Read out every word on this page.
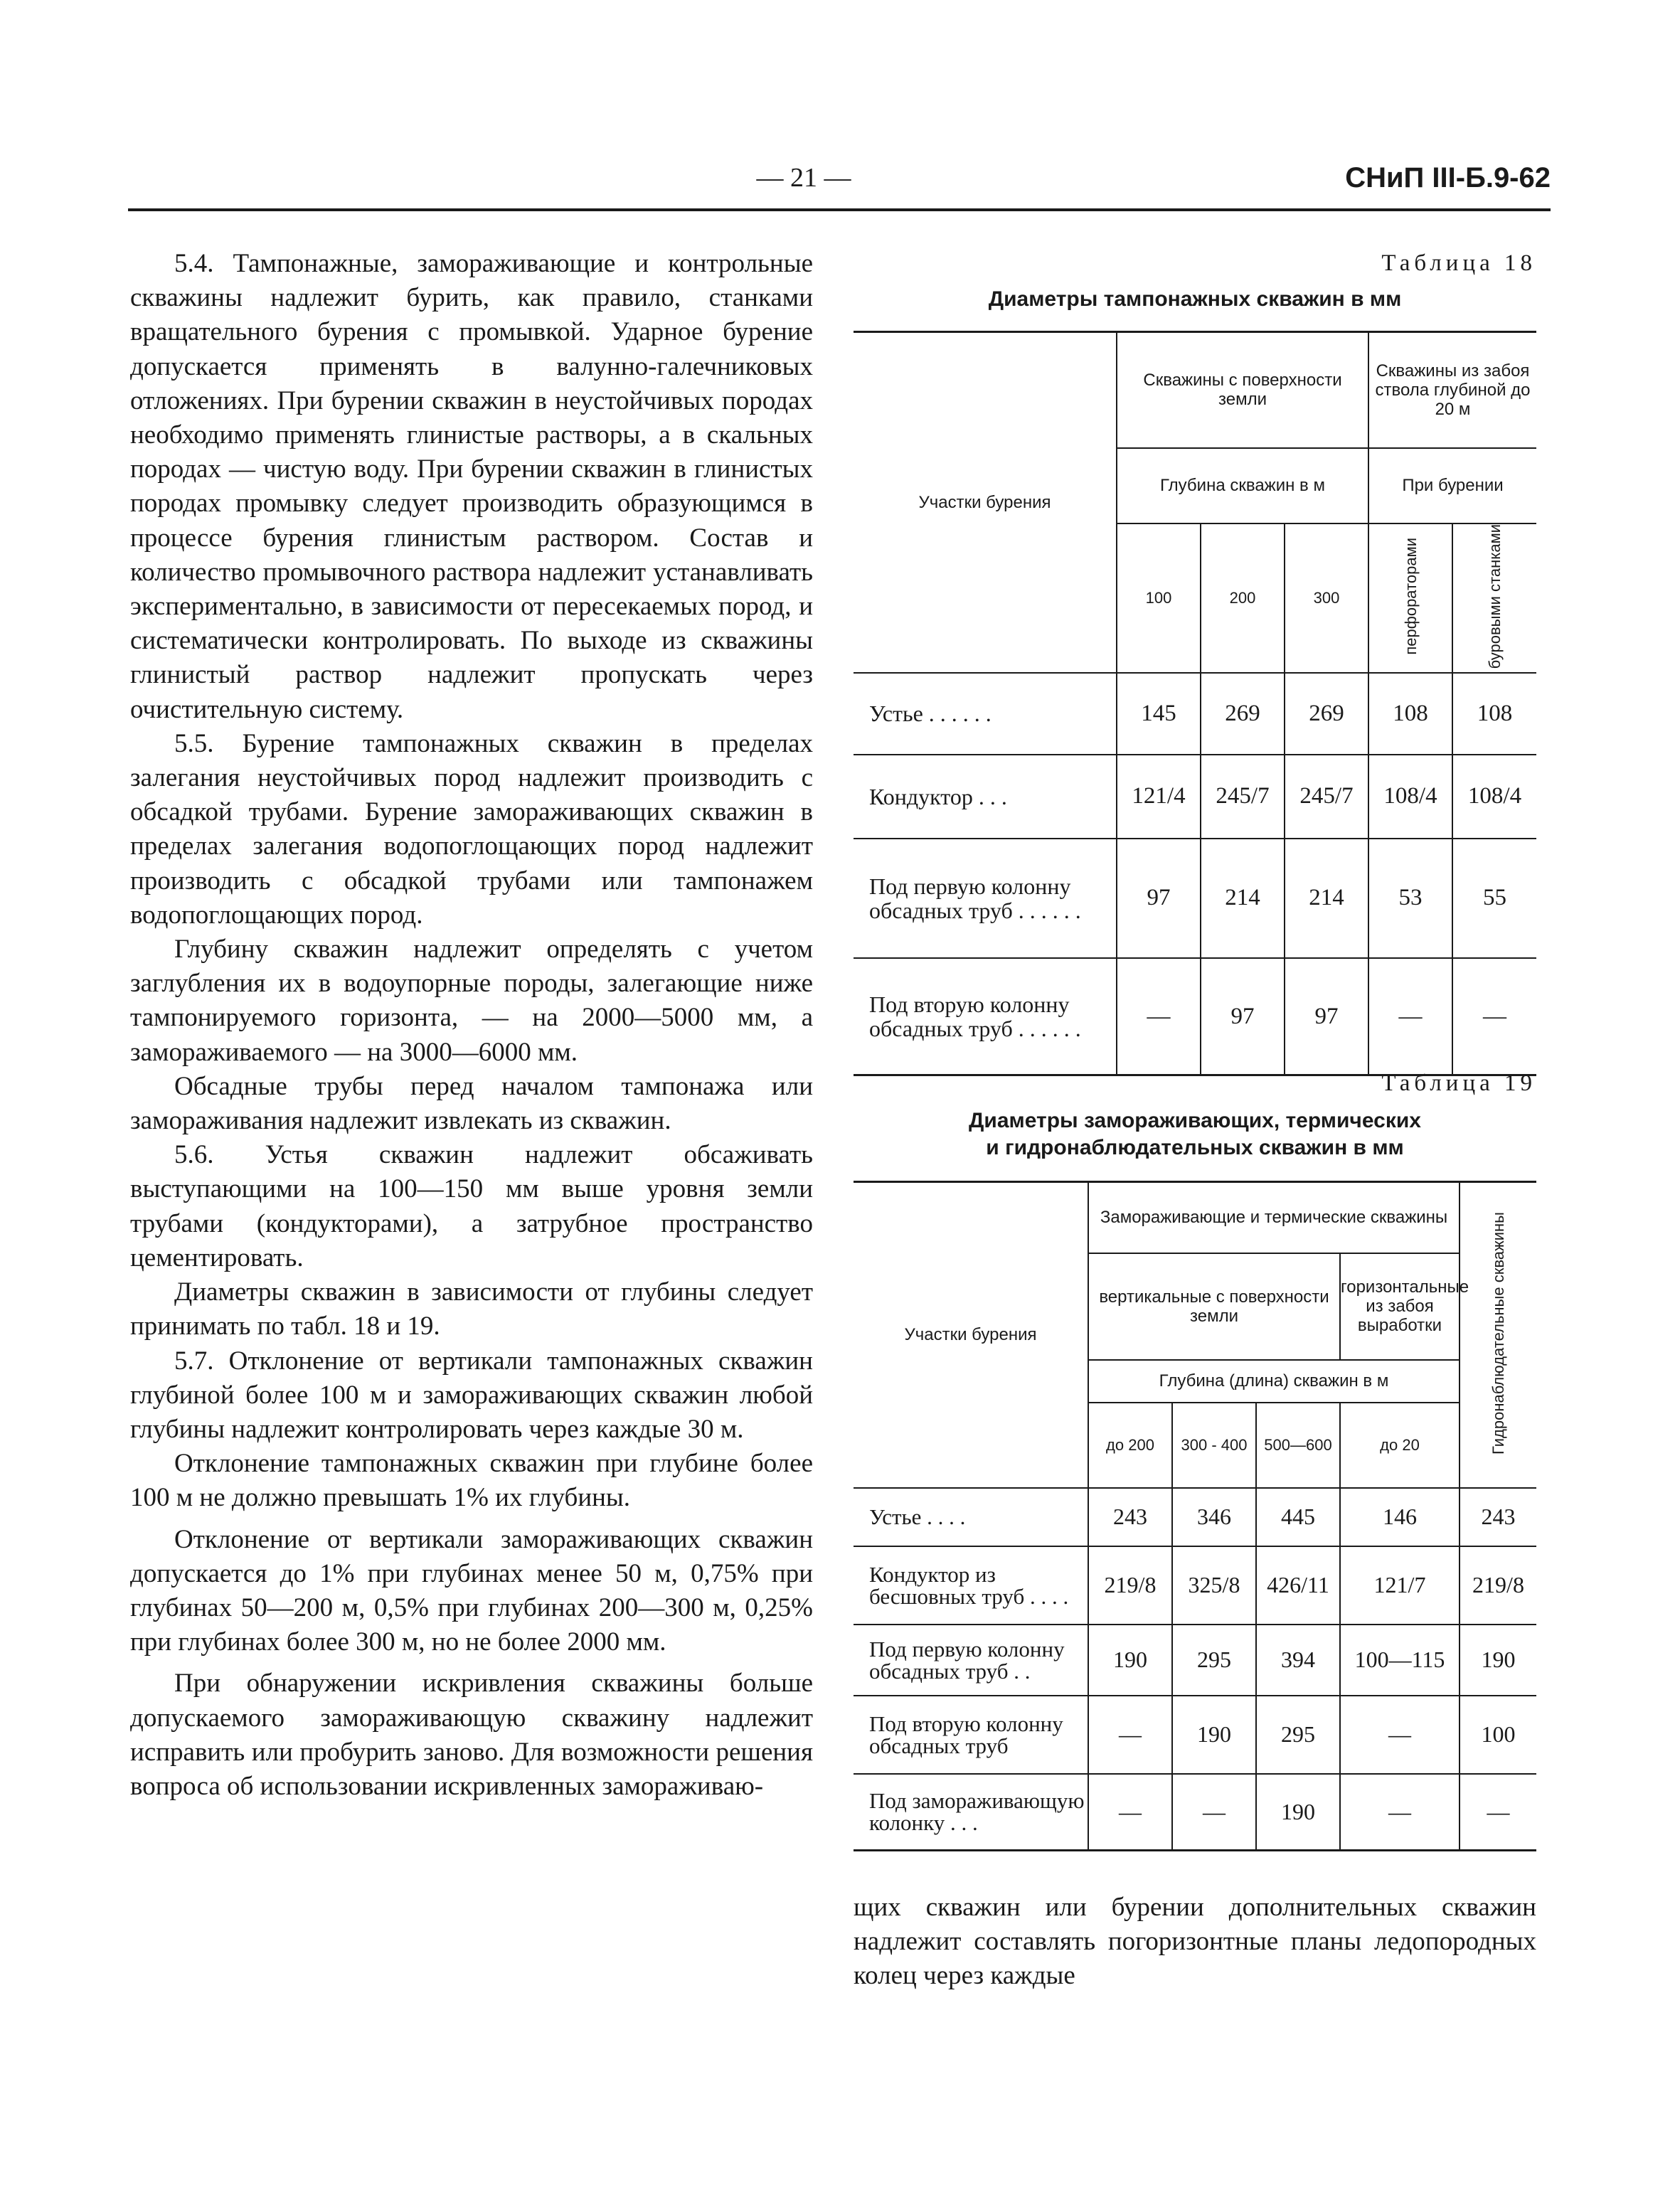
— 21 —	СНиП III-Б.9-62

5.4. Тампонажные, замораживающие и контрольные скважины надлежит бурить, как правило, станками вращательного бурения с промывкой. Ударное бурение допускается применять в валунно-галечниковых отложениях. При бурении скважин в неустойчивых породах необходимо применять глинистые растворы, а в скальных породах — чистую воду. При бурении скважин в глинистых породах промывку следует производить образующимся в процессе бурения глинистым раствором. Состав и количество промывочного раствора надлежит устанавливать экспериментально, в зависимости от пересекаемых пород, и систематически контролировать. По выходе из скважины глинистый раствор надлежит пропускать через очистительную систему.

5.5. Бурение тампонажных скважин в пределах залегания неустойчивых пород надлежит производить с обсадкой трубами. Бурение замораживающих скважин в пределах залегания водопоглощающих пород надлежит производить с обсадкой трубами или тампонажем водопоглощающих пород.

Глубину скважин надлежит определять с учетом заглубления их в водоупорные породы, залегающие ниже тампонируемого горизонта, — на 2000—5000 мм, а замораживаемого — на 3000—6000 мм.

Обсадные трубы перед началом тампонажа или замораживания надлежит извлекать из скважин.

5.6. Устья скважин надлежит обсаживать выступающими на 100—150 мм выше уровня земли трубами (кондукторами), а затрубное пространство цементировать.

Диаметры скважин в зависимости от глубины следует принимать по табл. 18 и 19.

5.7. Отклонение от вертикали тампонажных скважин глубиной более 100 м и замораживающих скважин любой глубины надлежит контролировать через каждые 30 м.

Отклонение тампонажных скважин при глубине более 100 м не должно превышать 1% их глубины.

Отклонение от вертикали замораживающих скважин допускается до 1% при глубинах менее 50 м, 0,75% при глубинах 50—200 м, 0,5% при глубинах 200—300 м, 0,25% при глубинах более 300 м, но не более 2000 мм.

При обнаружении искривления скважины больше допускаемого замораживающую скважину надлежит исправить или пробурить заново. Для возможности решения вопроса об использовании искривленных замораживаю-

Таблица 18
Диаметры тампонажных скважин в мм
Участки бурения	Скважины с поверхности земли			Скважины из забоя ствола глубиной до 20 м	
	Глубина скважин в м			При бурении	
	100	200	300	перфораторами	буровыми станками
Устье . . . . . .	145	269	269	108	108
Кондуктор . . .	121/4	245/7	245/7	108/4	108/4
Под первую колонну обсадных труб . . . . . .	97	214	214	53	55
Под вторую колонну обсадных труб . . . . . .	—	97	97	—	—
Таблица 19
Диаметры замораживающих, термических
и гидронаблюдательных скважин в мм
Участки бурения	Замораживающие и термические скважины				Гидронаблюдательные скважины
	вертикальные с поверхности земли			горизонтальные из забоя выработки	
	Глубина (длина) скважин в м				
	до 200	300 - 400	500—600	до 20	
Устье . . . .	243	346	445	146	243
Кондуктор из бесшовных труб . . . .	219/8	325/8	426/11	121/7	219/8
Под первую колонну обсадных труб . .	190	295	394	100—115	190
Под вторую колонну обсадных труб	—	190	295	—	100
Под замораживающую колонку . . .	—	—	190	—	—

щих скважин или бурении дополнительных скважин надлежит составлять погоризонтные планы ледопородных колец через каждые
